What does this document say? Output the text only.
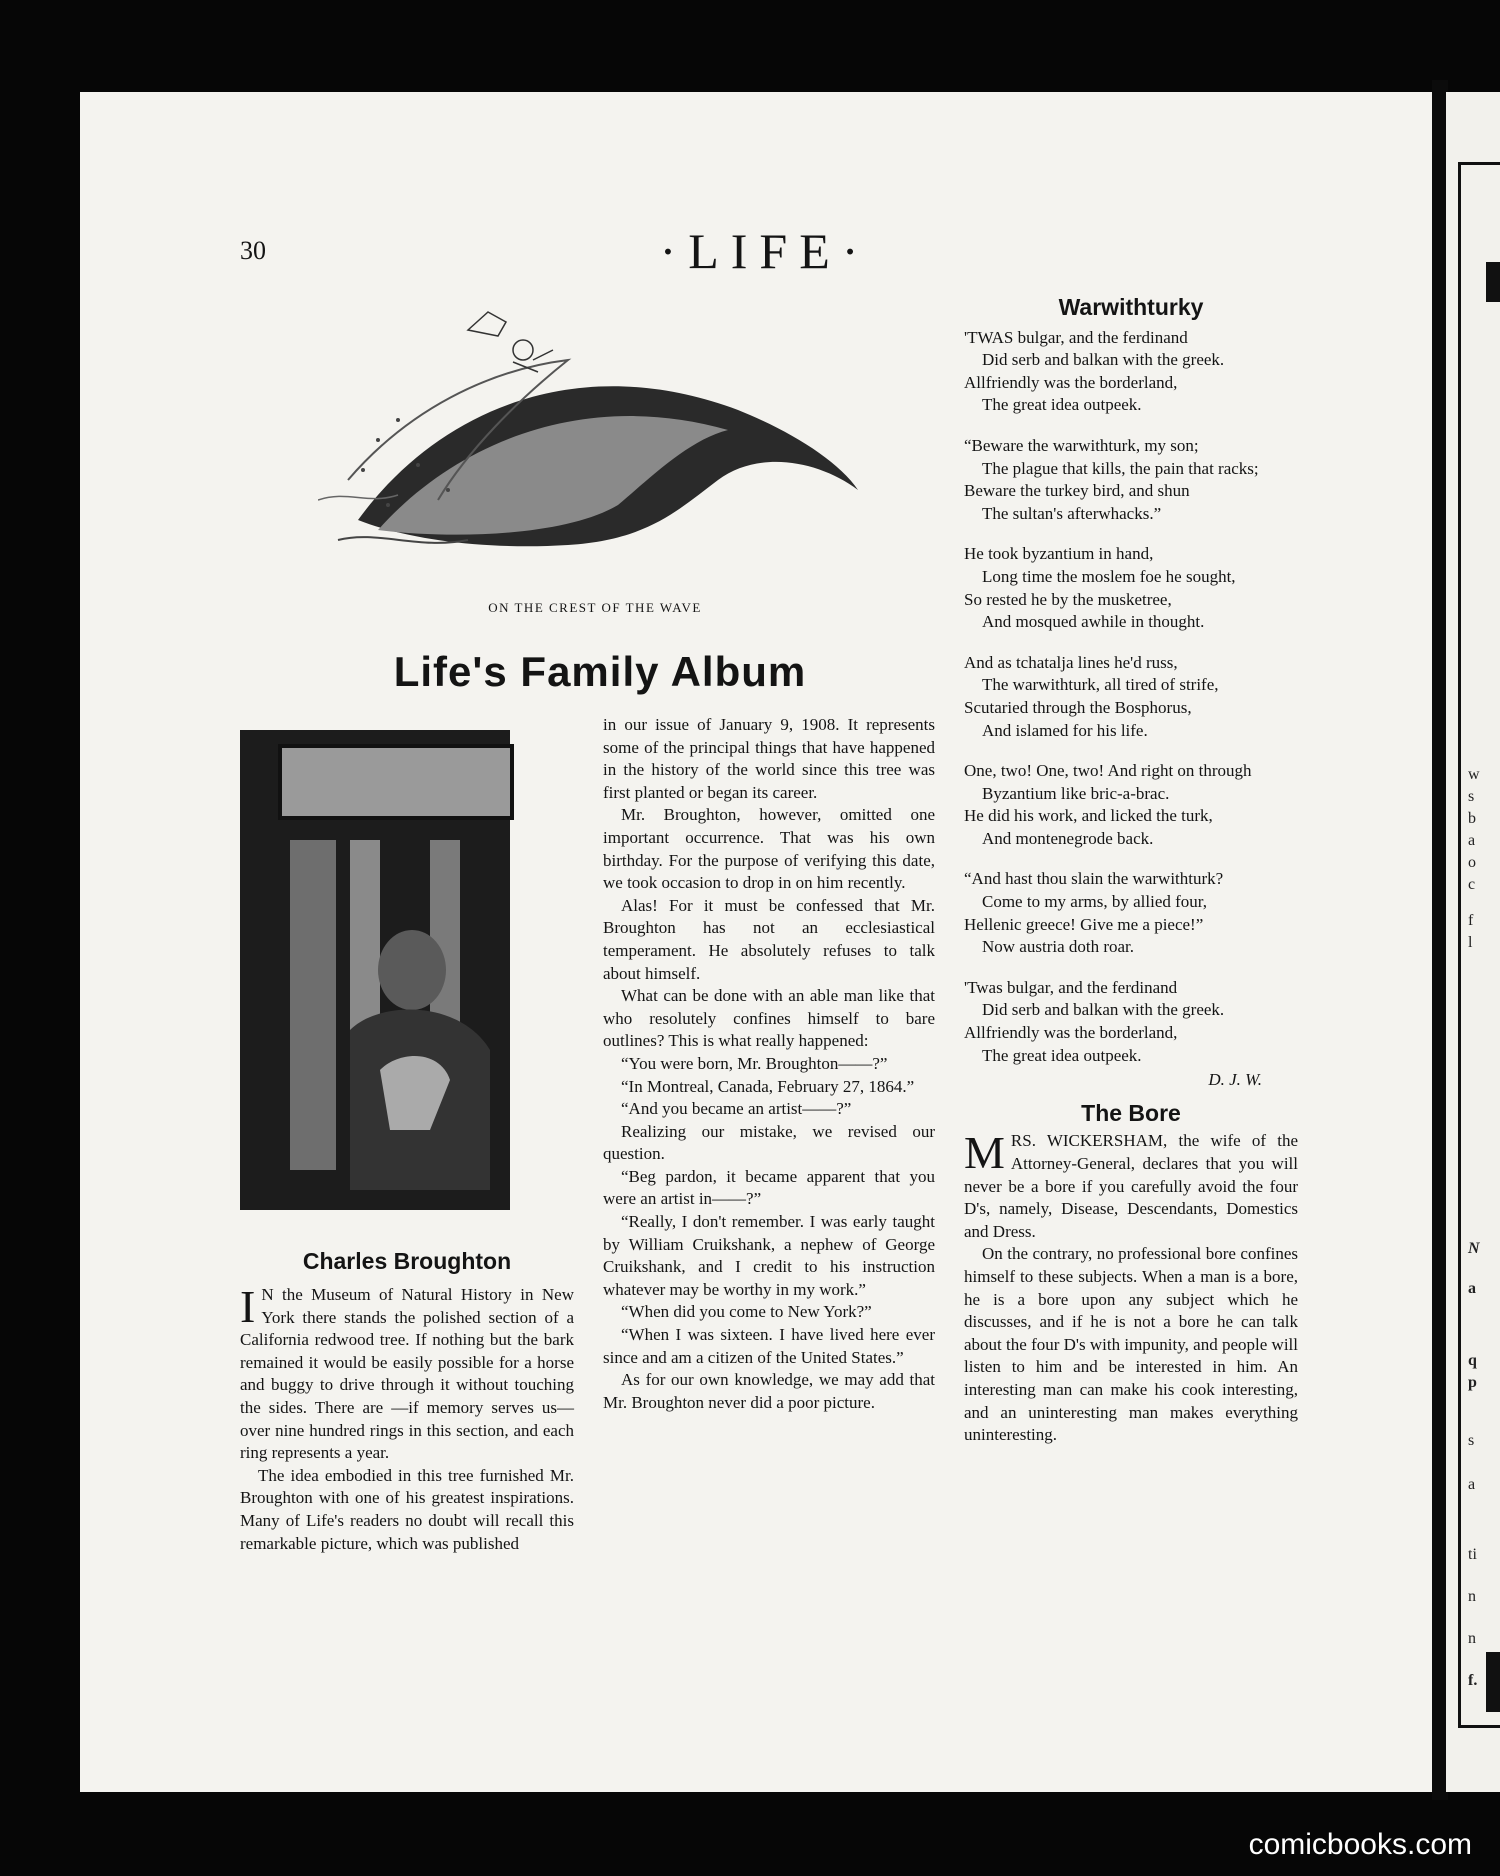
w
s
b
a
o
c
f
l
N
a
q
p
s
a
ti
n
n
f.
30	·LIFE·
ON THE CREST OF THE WAVE
Life's Family Album
Charles Broughton

I N the Museum of Natural History in New York there stands the polished section of a California redwood tree. If nothing but the bark remained it would be easily possible for a horse and buggy to drive through it without touching the sides. There are —if memory serves us—over nine hundred rings in this section, and each ring represents a year.

The idea embodied in this tree furnished Mr. Broughton with one of his greatest inspirations. Many of Life's readers no doubt will recall this remarkable picture, which was published

in our issue of January 9, 1908. It represents some of the principal things that have happened in the history of the world since this tree was first planted or began its career.

Mr. Broughton, however, omitted one important occurrence. That was his own birthday. For the purpose of verifying this date, we took occasion to drop in on him recently.

Alas! For it must be confessed that Mr. Broughton has not an ecclesiastical temperament. He absolutely refuses to talk about himself.

What can be done with an able man like that who resolutely confines himself to bare outlines? This is what really happened:

“You were born, Mr. Broughton——?”

“In Montreal, Canada, February 27, 1864.”

“And you became an artist——?”

Realizing our mistake, we revised our question.

“Beg pardon, it became apparent that you were an artist in——?”

“Really, I don't remember. I was early taught by William Cruikshank, a nephew of George Cruikshank, and I credit to his instruction whatever may be worthy in my work.”

“When did you come to New York?”

“When I was sixteen. I have lived here ever since and am a citizen of the United States.”

As for our own knowledge, we may add that Mr. Broughton never did a poor picture.

Warwithturky
'TWAS bulgar, and the ferdinand
Did serb and balkan with the greek.
Allfriendly was the borderland,
The great idea outpeek.
“Beware the warwithturk, my son;
The plague that kills, the pain that racks;
Beware the turkey bird, and shun
The sultan's afterwhacks.”
He took byzantium in hand,
Long time the moslem foe he sought,
So rested he by the musketree,
And mosqued awhile in thought.
And as tchatalja lines he'd russ,
The warwithturk, all tired of strife,
Scutaried through the Bosphorus,
And islamed for his life.
One, two! One, two! And right on through
Byzantium like bric-a-brac.
He did his work, and licked the turk,
And montenegrode back.
“And hast thou slain the warwithturk?
Come to my arms, by allied four,
Hellenic greece! Give me a piece!”
Now austria doth roar.
'Twas bulgar, and the ferdinand
Did serb and balkan with the greek.
Allfriendly was the borderland,
The great idea outpeek.
D. J. W.
The Bore

MRS. WICKERSHAM, the wife of the Attorney-General, declares that you will never be a bore if you carefully avoid the four D's, namely, Disease, Descendants, Domestics and Dress.

On the contrary, no professional bore confines himself to these subjects. When a man is a bore, he is a bore upon any subject which he discusses, and if he is not a bore he can talk about the four D's with impunity, and people will listen to him and be interested in him. An interesting man can make his cook interesting, and an uninteresting man makes everything uninteresting.

comicbooks.com
